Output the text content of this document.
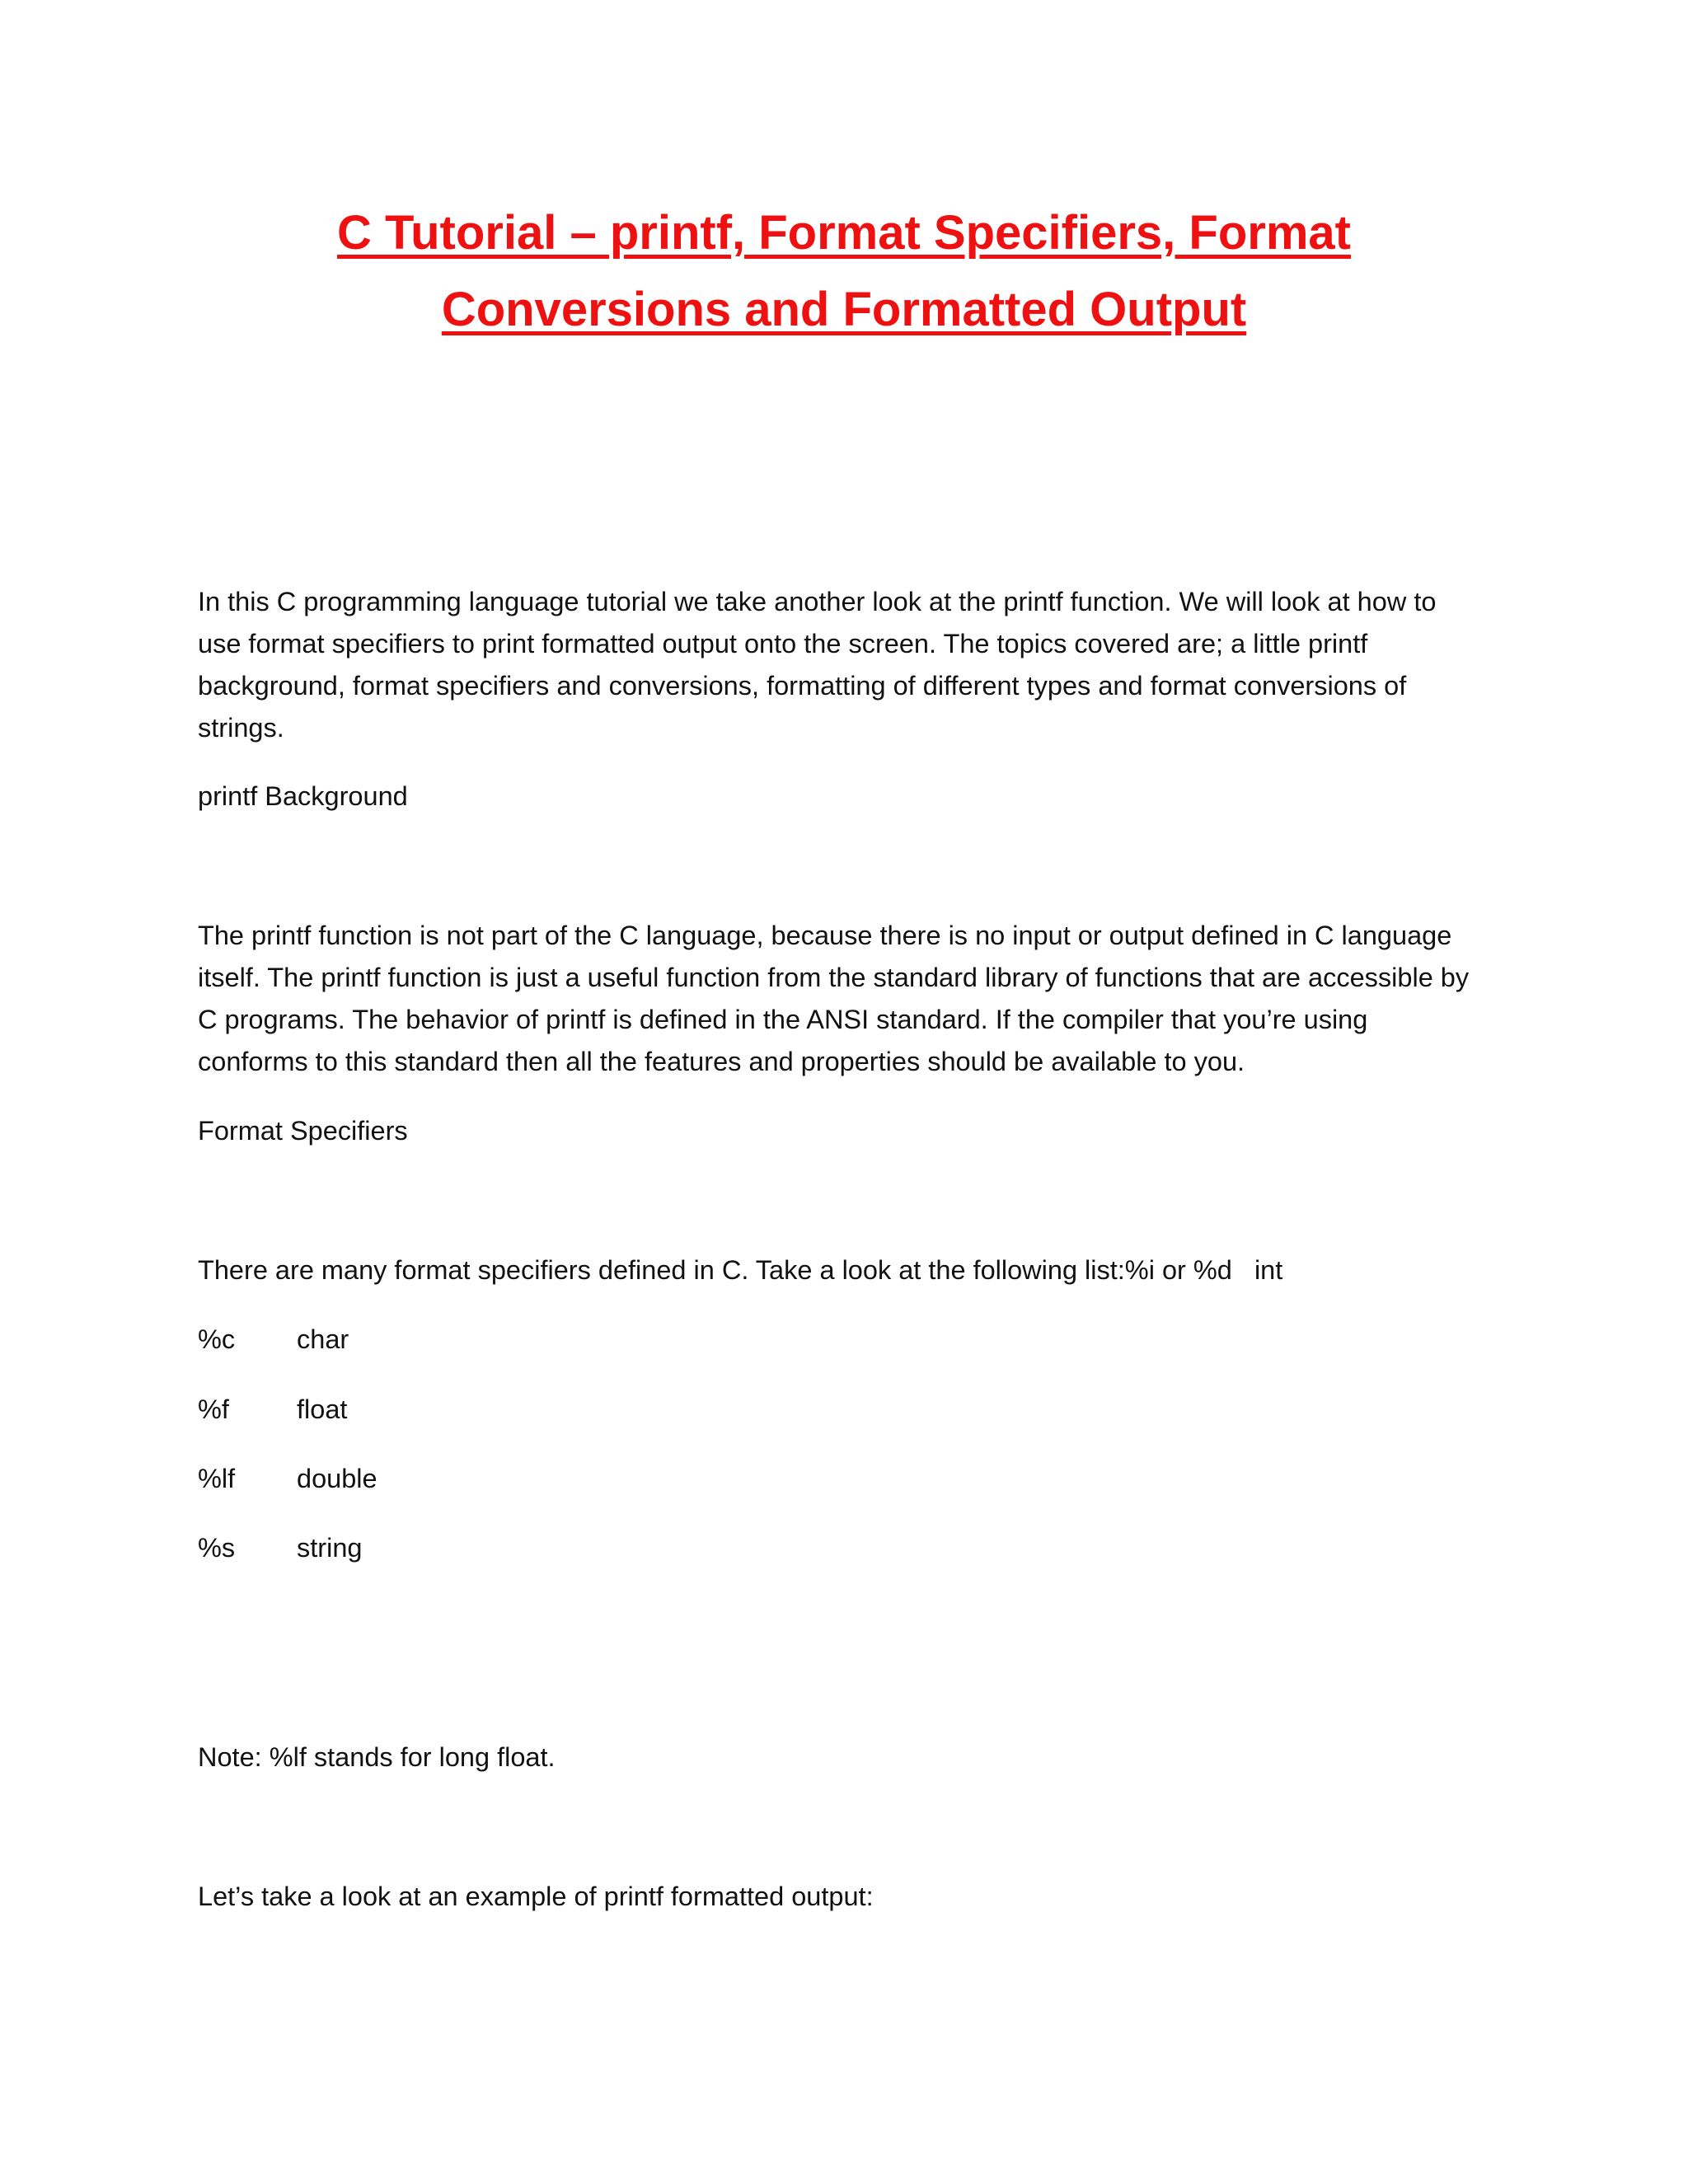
C Tutorial – printf, Format Specifiers, Format
Conversions and Formatted Output

In this C programming language tutorial we take another look at the printf function. We will look at how to use format specifiers to print formatted output onto the screen. The topics covered are; a little printf background, format specifiers and conversions, formatting of different types and format conversions of strings.

printf Background

The printf function is not part of the C language, because there is no input or output defined in C language itself. The printf function is just a useful function from the standard library of functions that are accessible by C programs. The behavior of printf is defined in the ANSI standard. If the compiler that you’re using conforms to this standard then all the features and properties should be available to you.

Format Specifiers

There are many format specifiers defined in C. Take a look at the following list:%i or %d   int

%c char
%f	float
%lf double
%s string

Note: %lf stands for long float.

Let’s take a look at an example of printf formatted output:
